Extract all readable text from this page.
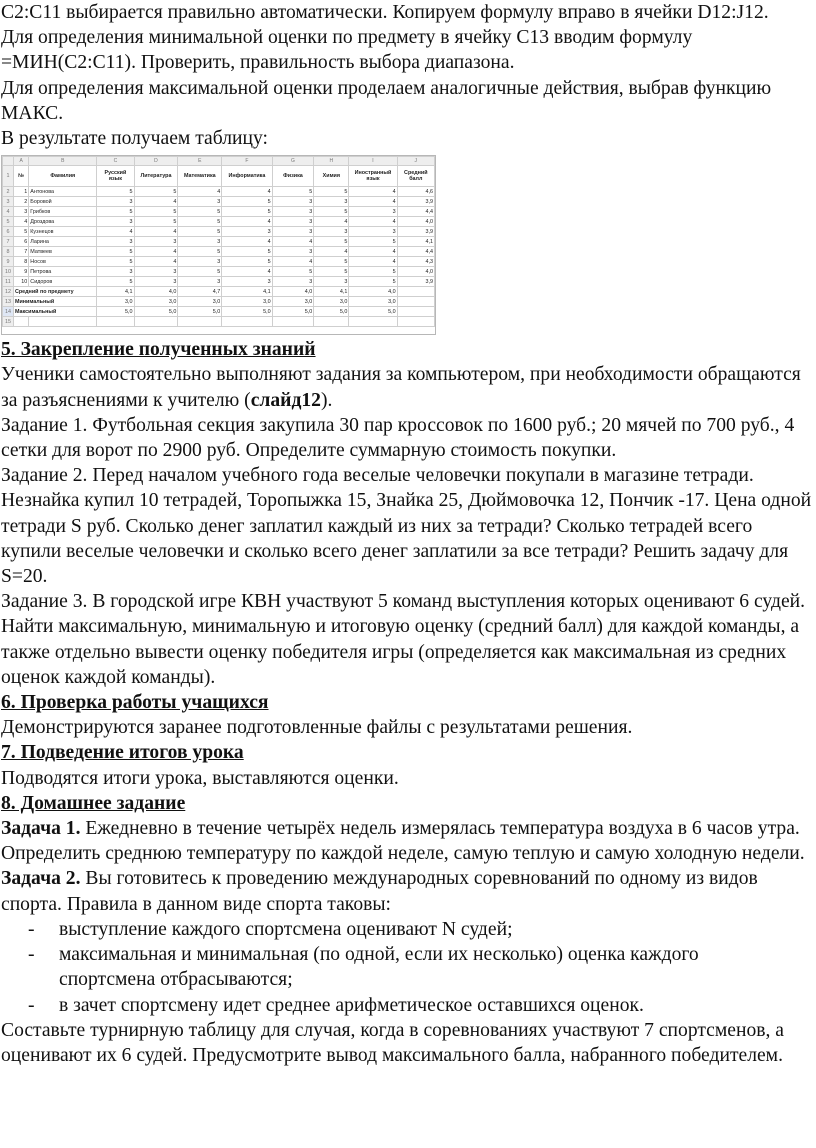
C2:C11 выбирается правильно автоматически. Копируем формулу вправо в ячейки D12:J12.

Для определения минимальной оценки по предмету в ячейку C13 вводим формулу =МИН(C2:C11). Проверить, правильность выбора диапазона.

Для определения максимальной оценки проделаем аналогичные действия, выбрав функцию МАКС.

В результате получаем таблицу:

	A	B	C	D	E	F	G	H	I	J
1	№	Фамилия	Русский язык	Литература	Математика	Информатика	Физика	Химия	Иностранный язык	Средний балл
2	1	Антонова	5	5	4	4	5	5	4	4,6
3	2	Боровой	3	4	3	5	3	3	4	3,9
4	3	Грибков	5	5	5	5	3	5	3	4,4
5	4	Дроздова	3	5	5	4	3	4	4	4,0
6	5	Кузнецов	4	4	5	3	3	3	3	3,9
7	6	Ларина	3	3	3	4	4	5	5	4,1
8	7	Матвеев	5	4	5	5	3	4	4	4,4
9	8	Носов	5	4	3	5	4	5	4	4,3
10	9	Петрова	3	3	5	4	5	5	5	4,0
11	10	Сидоров	5	3	3	3	3	3	5	3,9
12	Средний по предмету		4,1	4,0	4,7	4,1	4,0	4,1	4,0	
13	Минимальный		3,0	3,0	3,0	3,0	3,0	3,0	3,0	
14	Максимальный		5,0	5,0	5,0	5,0	5,0	5,0	5,0	
15										

5. Закрепление полученных знаний

Ученики самостоятельно выполняют задания за компьютером, при необходимости обращаются за разъяснениями к учителю (слайд12).

Задание 1. Футбольная секция закупила 30 пар кроссовок по 1600 руб.; 20 мячей по 700 руб., 4 сетки для ворот по 2900 руб. Определите суммарную стоимость покупки.

Задание 2. Перед началом учебного года веселые человечки покупали в магазине тетради. Незнайка купил 10 тетрадей, Торопыжка 15, Знайка 25, Дюймовочка 12, Пончик -17. Цена одной тетради S руб. Сколько денег заплатил каждый из них за тетради? Сколько тетрадей всего купили веселые человечки и сколько всего денег заплатили за все тетради? Решить задачу для S=20.

Задание 3. В городской игре КВН участвуют 5 команд выступления которых оценивают 6 судей. Найти максимальную, минимальную и итоговую оценку (средний балл) для каждой команды, а также отдельно вывести оценку победителя игры (определяется как максимальная из средних оценок каждой команды).

6. Проверка работы учащихся

Демонстрируются заранее подготовленные файлы с результатами решения.

7. Подведение итогов урока

Подводятся итоги урока, выставляются оценки.

8. Домашнее задание

Задача 1. Ежедневно в течение четырёх недель измерялась температура воздуха в 6 часов утра. Определить среднюю температуру по каждой неделе, самую теплую и самую холодную недели.

Задача 2. Вы готовитесь к проведению международных соревнований по одному из видов спорта. Правила в данном виде спорта таковы:

- выступление каждого спортсмена оценивают N судей;
- максимальная и минимальная (по одной, если их несколько) оценка каждого спортсмена отбрасываются;
- в зачет спортсмену идет среднее арифметическое оставшихся оценок.

Составьте турнирную таблицу для случая, когда в соревнованиях участвуют 7 спортсменов, а оценивают их 6 судей. Предусмотрите вывод максимального балла, набранного победителем.
